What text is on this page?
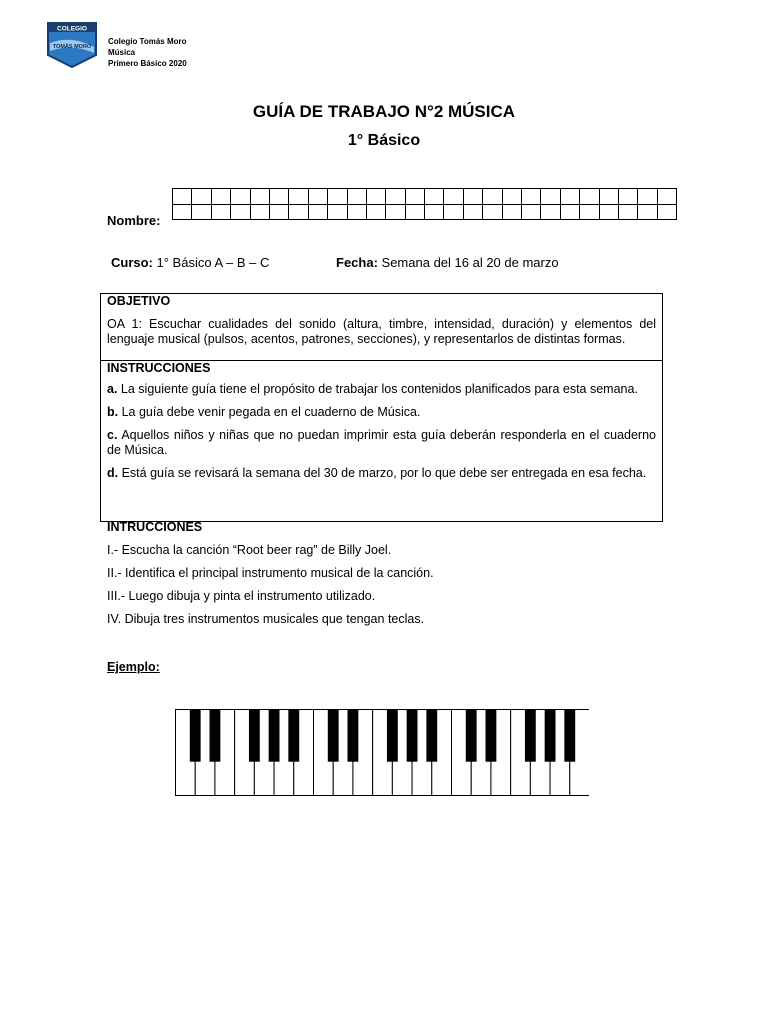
COLEGIO
TOMÁS MORO
Colegio Tomás Moro
Música
Primero Básico 2020
GUÍA DE TRABAJO N°2 MÚSICA
1° Básico
Nombre:

Curso: 1° Básico A – B – C	Fecha: Semana del 16 al 20 de marzo
OBJETIVO

OA 1: Escuchar cualidades del sonido (altura, timbre, intensidad, duración) y elementos del lenguaje musical (pulsos, acentos, patrones, secciones), y representarlos de distintas formas.

INSTRUCCIONES

a. La siguiente guía tiene el propósito de trabajar los contenidos planificados para esta semana.

b. La guía debe venir pegada en el cuaderno de Música.

c. Aquellos niños y niñas que no puedan imprimir esta guía deberán responderla en el cuaderno de Música.

d. Está guía se revisará la semana del 30 de marzo, por lo que debe ser entregada en esa fecha.

INTRUCCIONES
I.- Escucha la canción “Root beer rag” de Billy Joel.
II.- Identifica el principal instrumento musical de la canción.
III.- Luego dibuja y pinta el instrumento utilizado.
IV. Dibuja tres instrumentos musicales que tengan teclas.
Ejemplo:
